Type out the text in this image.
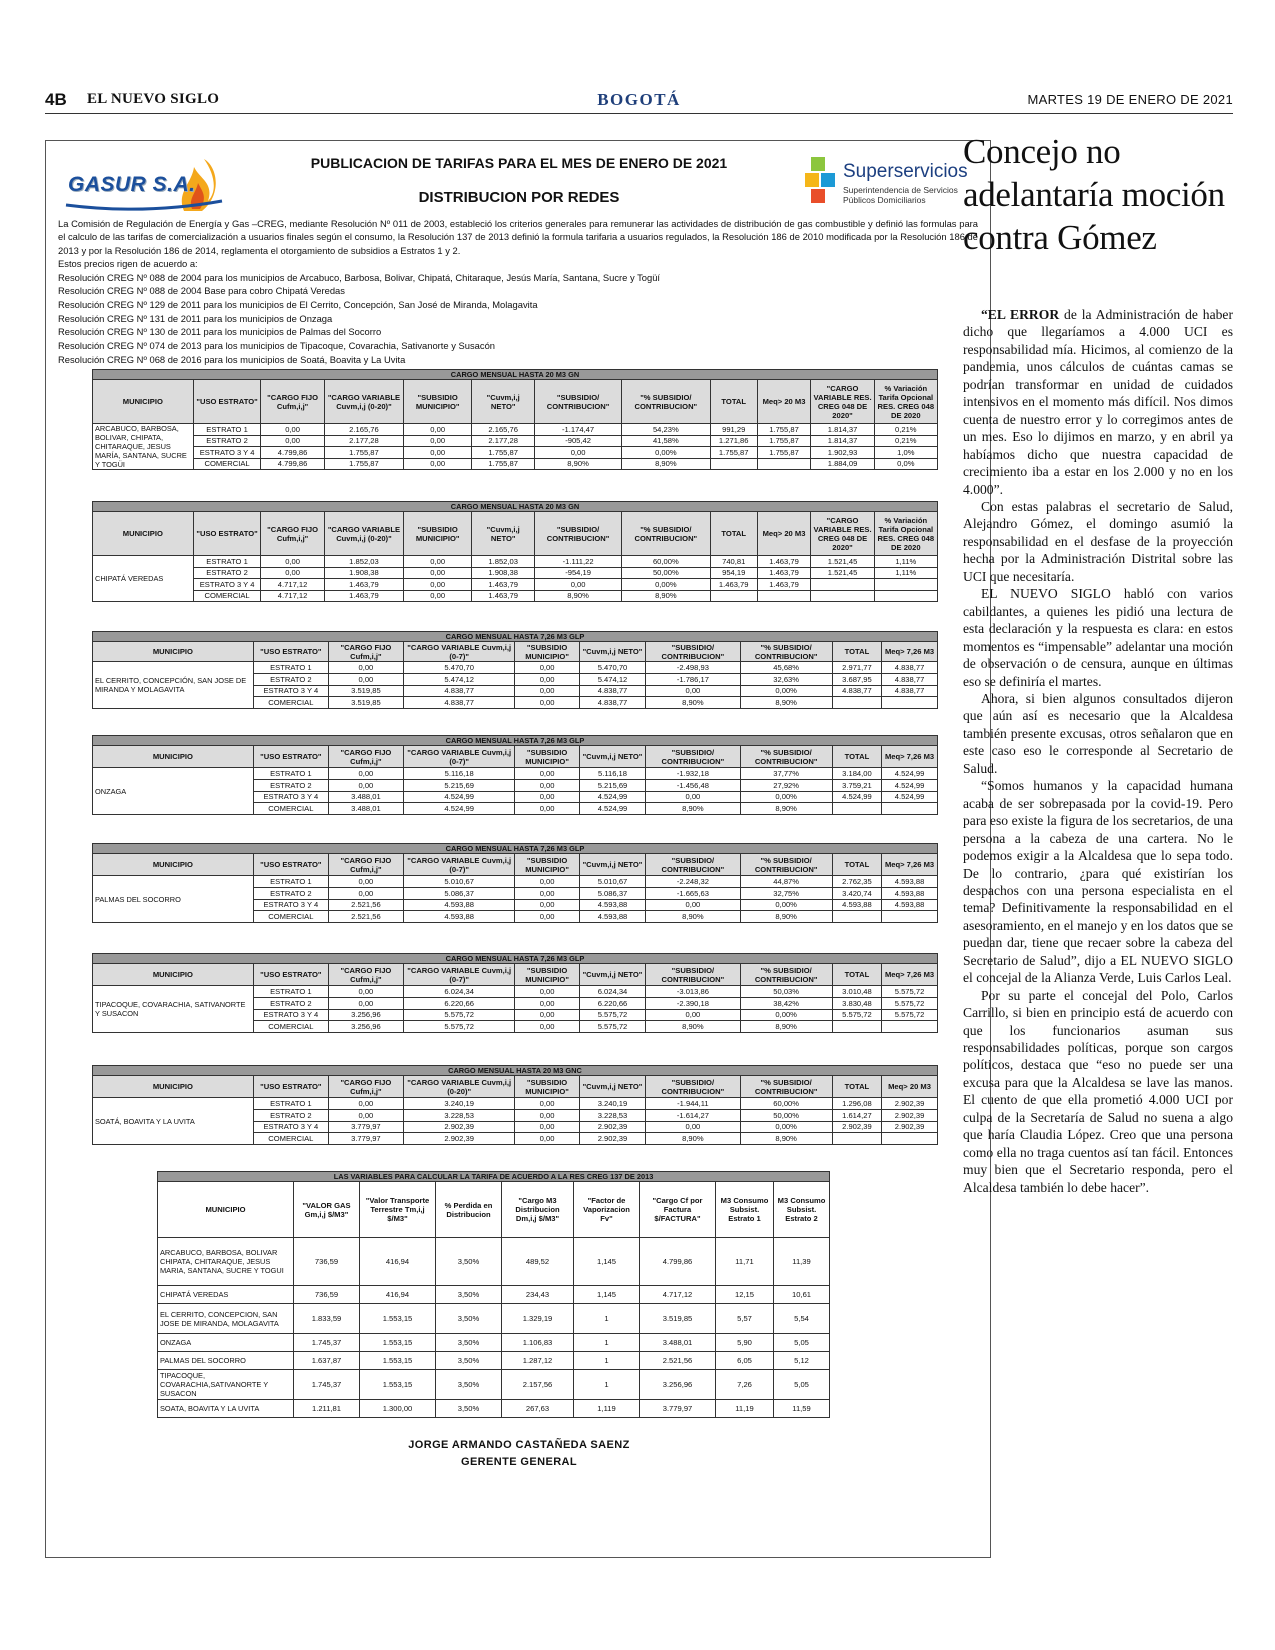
4B EL NUEVO SIGLO	BOGOTÁ	MARTES 19 DE ENERO DE 2021
GASUR S.A.
PUBLICACION DE TARIFAS PARA EL MES DE ENERO DE 2021
DISTRIBUCION POR REDES
Superservicios
Superintendencia de Servicios Públicos Domiciliarios

La Comisión de Regulación de Energía y Gas –CREG, mediante Resolución Nº 011 de 2003, estableció los criterios generales para remunerar las actividades de distribución de gas combustible y definió las formulas para el calculo de las tarifas de comercialización a usuarios finales según el consumo, la Resolución 137 de 2013 definió la formula tarifaria a usuarios regulados, la Resolución 186 de 2010 modificada por la Resolución 186 de 2013 y por la Resolución 186 de 2014, reglamenta el otorgamiento de subsidios a Estratos 1 y 2.

Estos precios rigen de acuerdo a:

Resolución CREG Nº 088 de 2004 para los municipios de Arcabuco, Barbosa, Bolivar, Chipatá, Chitaraque, Jesús María, Santana, Sucre y Togüí

Resolución CREG Nº 088 de 2004 Base para cobro Chipatá Veredas

Resolución CREG Nº 129 de 2011 para los municipios de El Cerrito, Concepción, San José de Miranda, Molagavita

Resolución CREG Nº 131 de 2011 para los municipios de Onzaga

Resolución CREG Nº 130 de 2011 para los municipios de Palmas del Socorro

Resolución CREG Nº 074 de 2013 para los municipios de Tipacoque, Covarachia, Sativanorte y Susacón

Resolución CREG Nº 068 de 2016 para los municipios de Soatá, Boavita y La Uvita

CARGO MENSUAL HASTA 20 M3 GN											
MUNICIPIO	"USO ESTRATO"	"CARGO FIJO Cufm,i,j"	"CARGO VARIABLE Cuvm,i,j (0-20)"	"SUBSIDIO MUNICIPIO"	"Cuvm,i,j NETO"	"SUBSIDIO/ CONTRIBUCION"	"% SUBSIDIO/ CONTRIBUCION"	TOTAL	Meq> 20 M3	"CARGO VARIABLE RES. CREG 048 DE 2020"	% Variación Tarifa Opcional RES. CREG 048 DE 2020
ARCABUCO, BARBOSA, BOLIVAR, CHIPATA, CHITARAQUE, JESUS MARÍA, SANTANA, SUCRE Y TOGÜI	ESTRATO 1	0,00	2.165,76	0,00	2.165,76	-1.174,47	54,23%	991,29	1.755,87	1.814,37	0,21%
	ESTRATO 2	0,00	2.177,28	0,00	2.177,28	-905,42	41,58%	1.271,86	1.755,87	1.814,37	0,21%
	ESTRATO 3 Y 4	4.799,86	1.755,87	0,00	1.755,87	0,00	0,00%	1.755,87	1.755,87	1.902,93	1,0%
	COMERCIAL	4.799,86	1.755,87	0,00	1.755,87	8,90%	8,90%			1.884,09	0,0%
CARGO MENSUAL HASTA 20 M3 GN											
MUNICIPIO	"USO ESTRATO"	"CARGO FIJO Cufm,i,j"	"CARGO VARIABLE Cuvm,i,j (0-20)"	"SUBSIDIO MUNICIPIO"	"Cuvm,i,j NETO"	"SUBSIDIO/ CONTRIBUCION"	"% SUBSIDIO/ CONTRIBUCION"	TOTAL	Meq> 20 M3	"CARGO VARIABLE RES. CREG 048 DE 2020"	% Variación Tarifa Opcional RES. CREG 048 DE 2020
CHIPATÁ VEREDAS	ESTRATO 1	0,00	1.852,03	0,00	1.852,03	-1.111,22	60,00%	740,81	1.463,79	1.521,45	1,11%
	ESTRATO 2	0,00	1.908,38	0,00	1.908,38	-954,19	50,00%	954,19	1.463,79	1.521,45	1,11%
	ESTRATO 3 Y 4	4.717,12	1.463,79	0,00	1.463,79	0,00	0,00%	1.463,79	1.463,79		
	COMERCIAL	4.717,12	1.463,79	0,00	1.463,79	8,90%	8,90%				
CARGO MENSUAL HASTA 7,26 M3 GLP									
MUNICIPIO	"USO ESTRATO"	"CARGO FIJO Cufm,i,j"	"CARGO VARIABLE Cuvm,i,j (0-7)"	"SUBSIDIO MUNICIPIO"	"Cuvm,i,j NETO"	"SUBSIDIO/ CONTRIBUCION"	"% SUBSIDIO/ CONTRIBUCION"	TOTAL	Meq> 7,26 M3
EL CERRITO, CONCEPCIÓN, SAN JOSE DE MIRANDA Y MOLAGAVITA	ESTRATO 1	0,00	5.470,70	0,00	5.470,70	-2.498,93	45,68%	2.971,77	4.838,77
	ESTRATO 2	0,00	5.474,12	0,00	5.474,12	-1.786,17	32,63%	3.687,95	4.838,77
	ESTRATO 3 Y 4	3.519,85	4.838,77	0,00	4.838,77	0,00	0,00%	4.838,77	4.838,77
	COMERCIAL	3.519,85	4.838,77	0,00	4.838,77	8,90%	8,90%		
CARGO MENSUAL HASTA 7,26 M3 GLP									
MUNICIPIO	"USO ESTRATO"	"CARGO FIJO Cufm,i,j"	"CARGO VARIABLE Cuvm,i,j (0-7)"	"SUBSIDIO MUNICIPIO"	"Cuvm,i,j NETO"	"SUBSIDIO/ CONTRIBUCION"	"% SUBSIDIO/ CONTRIBUCION"	TOTAL	Meq> 7,26 M3
ONZAGA	ESTRATO 1	0,00	5.116,18	0,00	5.116,18	-1.932,18	37,77%	3.184,00	4.524,99
	ESTRATO 2	0,00	5.215,69	0,00	5.215,69	-1.456,48	27,92%	3.759,21	4.524,99
	ESTRATO 3 Y 4	3.488,01	4.524,99	0,00	4.524,99	0,00	0,00%	4.524,99	4.524,99
	COMERCIAL	3.488,01	4.524,99	0,00	4.524,99	8,90%	8,90%		
CARGO MENSUAL HASTA 7,26 M3 GLP									
MUNICIPIO	"USO ESTRATO"	"CARGO FIJO Cufm,i,j"	"CARGO VARIABLE Cuvm,i,j (0-7)"	"SUBSIDIO MUNICIPIO"	"Cuvm,i,j NETO"	"SUBSIDIO/ CONTRIBUCION"	"% SUBSIDIO/ CONTRIBUCION"	TOTAL	Meq> 7,26 M3
PALMAS DEL SOCORRO	ESTRATO 1	0,00	5.010,67	0,00	5.010,67	-2.248,32	44,87%	2.762,35	4.593,88
	ESTRATO 2	0,00	5.086,37	0,00	5.086,37	-1.665,63	32,75%	3.420,74	4.593,88
	ESTRATO 3 Y 4	2.521,56	4.593,88	0,00	4.593,88	0,00	0,00%	4.593,88	4.593,88
	COMERCIAL	2.521,56	4.593,88	0,00	4.593,88	8,90%	8,90%		
CARGO MENSUAL HASTA 7,26 M3 GLP									
MUNICIPIO	"USO ESTRATO"	"CARGO FIJO Cufm,i,j"	"CARGO VARIABLE Cuvm,i,j (0-7)"	"SUBSIDIO MUNICIPIO"	"Cuvm,i,j NETO"	"SUBSIDIO/ CONTRIBUCION"	"% SUBSIDIO/ CONTRIBUCION"	TOTAL	Meq> 7,26 M3
TIPACOQUE, COVARACHIA, SATIVANORTE Y SUSACON	ESTRATO 1	0,00	6.024,34	0,00	6.024,34	-3.013,86	50,03%	3.010,48	5.575,72
	ESTRATO 2	0,00	6.220,66	0,00	6.220,66	-2.390,18	38,42%	3.830,48	5.575,72
	ESTRATO 3 Y 4	3.256,96	5.575,72	0,00	5.575,72	0,00	0,00%	5.575,72	5.575,72
	COMERCIAL	3.256,96	5.575,72	0,00	5.575,72	8,90%	8,90%		
CARGO MENSUAL HASTA 20 M3 GNC									
MUNICIPIO	"USO ESTRATO"	"CARGO FIJO Cufm,i,j"	"CARGO VARIABLE Cuvm,i,j (0-20)"	"SUBSIDIO MUNICIPIO"	"Cuvm,i,j NETO"	"SUBSIDIO/ CONTRIBUCION"	"% SUBSIDIO/ CONTRIBUCION"	TOTAL	Meq> 20 M3
SOATÁ, BOAVITA Y LA UVITA	ESTRATO 1	0,00	3.240,19	0,00	3.240,19	-1.944,11	60,00%	1.296,08	2.902,39
	ESTRATO 2	0,00	3.228,53	0,00	3.228,53	-1.614,27	50,00%	1.614,27	2.902,39
	ESTRATO 3 Y 4	3.779,97	2.902,39	0,00	2.902,39	0,00	0,00%	2.902,39	2.902,39
	COMERCIAL	3.779,97	2.902,39	0,00	2.902,39	8,90%	8,90%		
LAS VARIABLES PARA CALCULAR LA TARIFA DE ACUERDO A LA RES CREG 137 DE 2013								
MUNICIPIO	"VALOR GAS Gm,i,j $/M3"	"Valor Transporte Terrestre Tm,i,j $/M3"	% Perdida en Distribucion	"Cargo M3 Distribucion Dm,i,j $/M3"	"Factor de Vaporizacion Fv"	"Cargo Cf por Factura $/FACTURA"	M3 Consumo Subsist. Estrato 1	M3 Consumo Subsist. Estrato 2
ARCABUCO, BARBOSA, BOLIVAR CHIPATA, CHITARAQUE, JESUS MARIA, SANTANA, SUCRE Y TOGUI	736,59	416,94	3,50%	489,52	1,145	4.799,86	11,71	11,39
CHIPATÁ VEREDAS	736,59	416,94	3,50%	234,43	1,145	4.717,12	12,15	10,61
EL CERRITO, CONCEPCION, SAN JOSE DE MIRANDA, MOLAGAVITA	1.833,59	1.553,15	3,50%	1.329,19	1	3.519,85	5,57	5,54
ONZAGA	1.745,37	1.553,15	3,50%	1.106,83	1	3.488,01	5,90	5,05
PALMAS DEL SOCORRO	1.637,87	1.553,15	3,50%	1.287,12	1	2.521,56	6,05	5,12
TIPACOQUE, COVARACHIA,SATIVANORTE Y SUSACON	1.745,37	1.553,15	3,50%	2.157,56	1	3.256,96	7,26	5,05
SOATA, BOAVITA Y LA UVITA	1.211,81	1.300,00	3,50%	267,63	1,119	3.779,97	11,19	11,59
JORGE ARMANDO CASTAÑEDA SAENZ
GERENTE GENERAL
Concejo no adelantaría moción contra Gómez

“EL ERROR de la Administración de haber dicho que llegaríamos a 4.000 UCI es responsabilidad mía. Hicimos, al comienzo de la pandemia, unos cálculos de cuántas camas se podrían transformar en unidad de cuidados intensivos en el momento más difícil. Nos dimos cuenta de nuestro error y lo corregimos antes de un mes. Eso lo dijimos en marzo, y en abril ya habíamos dicho que nuestra capacidad de crecimiento iba a estar en los 2.000 y no en los 4.000”.

Con estas palabras el secretario de Salud, Alejandro Gómez, el domingo asumió la responsabilidad en el desfase de la proyección hecha por la Administración Distrital sobre las UCI que necesitaría.

EL NUEVO SIGLO habló con varios cabildantes, a quienes les pidió una lectura de esta declaración y la respuesta es clara: en estos momentos es “impensable” adelantar una moción de observación o de censura, aunque en últimas eso se definiría el martes.

Ahora, si bien algunos consultados dijeron que aún así es necesario que la Alcaldesa también presente excusas, otros señalaron que en este caso eso le corresponde al Secretario de Salud.

“Somos humanos y la capacidad humana acaba de ser sobrepasada por la covid-19. Pero para eso existe la figura de los secretarios, de una persona a la cabeza de una cartera. No le podemos exigir a la Alcaldesa que lo sepa todo. De lo contrario, ¿para qué existirían los despachos con una persona especialista en el tema? Definitivamente la responsabilidad en el asesoramiento, en el manejo y en los datos que se puedan dar, tiene que recaer sobre la cabeza del Secretario de Salud”, dijo a EL NUEVO SIGLO el concejal de la Alianza Verde, Luis Carlos Leal.

Por su parte el concejal del Polo, Carlos Carrillo, si bien en principio está de acuerdo con que los funcionarios asuman sus responsabilidades políticas, porque son cargos políticos, destaca que “eso no puede ser una excusa para que la Alcaldesa se lave las manos. El cuento de que ella prometió 4.000 UCI por culpa de la Secretaría de Salud no suena a algo que haría Claudia López. Creo que una persona como ella no traga cuentos así tan fácil. Entonces muy bien que el Secretario responda, pero el Alcaldesa también lo debe hacer”.
